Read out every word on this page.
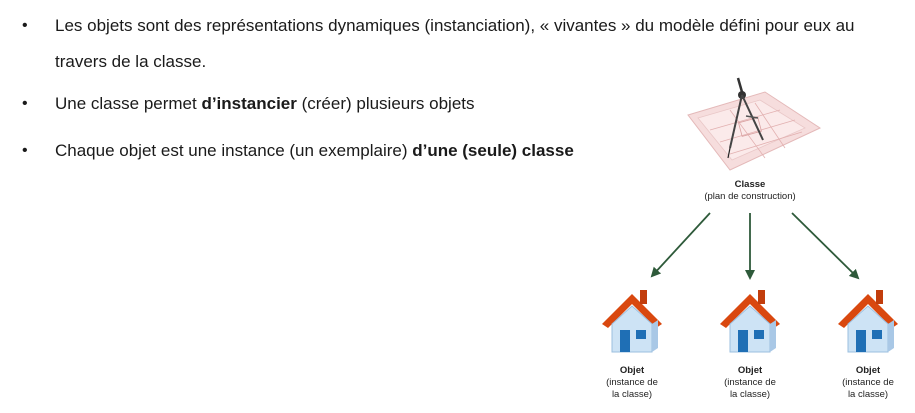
• Les objets sont des représentations dynamiques (instanciation), « vivantes » du modèle défini pour eux au
travers de la classe.
• Une classe permet d’instancier (créer) plusieurs objets
• Chaque objet est une instance (un exemplaire) d’une (seule) classe
Classe
(plan de construction)
Objet
(instance de
la classe)
Objet
(instance de
la classe)
Objet
(instance de
la classe)
